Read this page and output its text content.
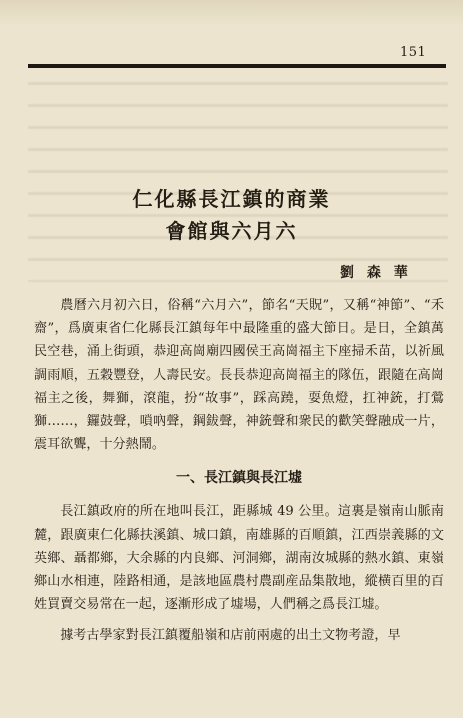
151
仁化縣長江鎮的商業
會館與六月六
劉 森 華

農曆六月初六日，俗稱“六月六”，節名“天貺”，又稱“神節”、“禾齋”，爲廣東省仁化縣長江鎮每年中最隆重的盛大節日。是日，全鎮萬民空巷，涌上街頭，恭迎高崗廟四國侯王高崗福主下座掃禾苗，以祈風調雨順，五穀豐登，人壽民安。長長恭迎高崗福主的隊伍，跟隨在高崗福主之後，舞獅，滾龍，扮“故事”，踩高蹺，耍魚燈，扛神銃，打鶯獅……，鑼鼓聲，嗩吶聲，鋼鈸聲，神銃聲和衆民的歡笑聲融成一片，震耳欲聾，十分熱鬧。

一、長江鎮與長江墟

長江鎮政府的所在地叫長江，距縣城 49 公里。這裏是嶺南山脈南麓，跟廣東仁化縣扶溪鎮、城口鎮，南雄縣的百順鎮，江西崇義縣的文英鄉、聶都鄉，大余縣的内良鄉、河洞鄉，湖南汝城縣的熱水鎮、東嶺鄉山水相連，陸路相通，是該地區農村農副産品集散地，縱横百里的百姓買賣交易常在一起，逐漸形成了墟場，人們稱之爲長江墟。

據考古學家對長江鎮覆船嶺和店前兩處的出土文物考證，早
